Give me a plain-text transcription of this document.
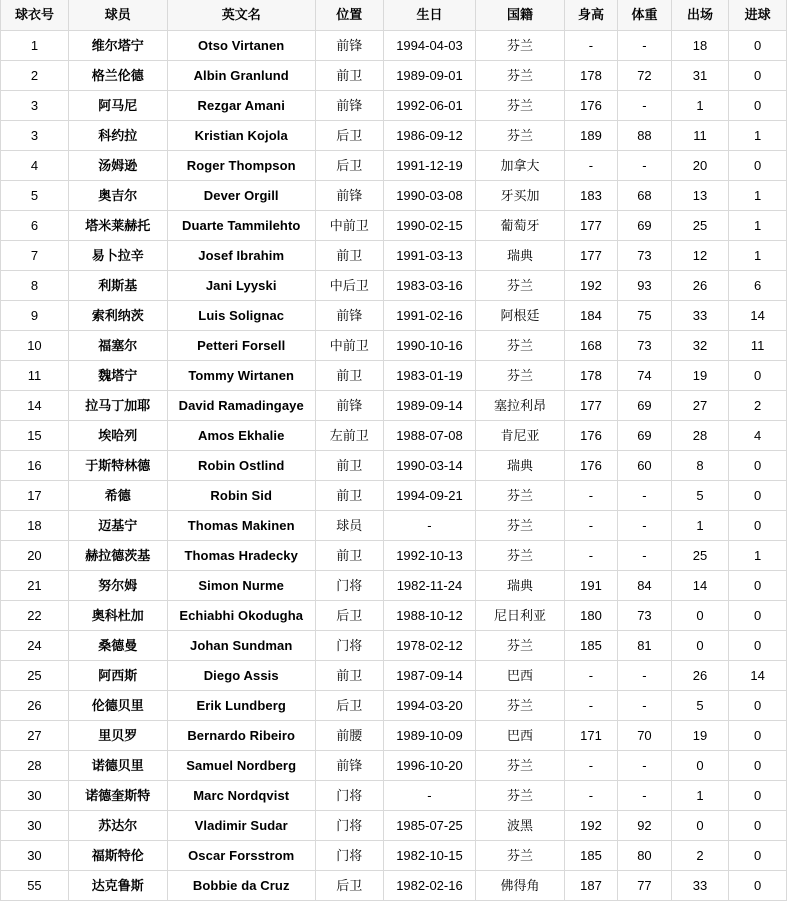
球衣号	球员	英文名	位置	生日	国籍	身高	体重	出场	进球
1	维尔塔宁	Otso Virtanen	前锋	1994-04-03	芬兰	-	-	18	0
2	格兰伦德	Albin Granlund	前卫	1989-09-01	芬兰	178	72	31	0
3	阿马尼	Rezgar Amani	前锋	1992-06-01	芬兰	176	-	1	0
3	科约拉	Kristian Kojola	后卫	1986-09-12	芬兰	189	88	11	1
4	汤姆逊	Roger Thompson	后卫	1991-12-19	加拿大	-	-	20	0
5	奥吉尔	Dever Orgill	前锋	1990-03-08	牙买加	183	68	13	1
6	塔米莱赫托	Duarte Tammilehto	中前卫	1990-02-15	葡萄牙	177	69	25	1
7	易卜拉辛	Josef Ibrahim	前卫	1991-03-13	瑞典	177	73	12	1
8	利斯基	Jani Lyyski	中后卫	1983-03-16	芬兰	192	93	26	6
9	索利纳茨	Luis Solignac	前锋	1991-02-16	阿根廷	184	75	33	14
10	福塞尔	Petteri Forsell	中前卫	1990-10-16	芬兰	168	73	32	11
11	魏塔宁	Tommy Wirtanen	前卫	1983-01-19	芬兰	178	74	19	0
14	拉马丁加耶	David Ramadingaye	前锋	1989-09-14	塞拉利昂	177	69	27	2
15	埃哈列	Amos Ekhalie	左前卫	1988-07-08	肯尼亚	176	69	28	4
16	于斯特林德	Robin Ostlind	前卫	1990-03-14	瑞典	176	60	8	0
17	希德	Robin Sid	前卫	1994-09-21	芬兰	-	-	5	0
18	迈基宁	Thomas Makinen	球员	-	芬兰	-	-	1	0
20	赫拉德茨基	Thomas Hradecky	前卫	1992-10-13	芬兰	-	-	25	1
21	努尔姆	Simon Nurme	门将	1982-11-24	瑞典	191	84	14	0
22	奥科杜加	Echiabhi Okodugha	后卫	1988-10-12	尼日利亚	180	73	0	0
24	桑德曼	Johan Sundman	门将	1978-02-12	芬兰	185	81	0	0
25	阿西斯	Diego Assis	前卫	1987-09-14	巴西	-	-	26	14
26	伦德贝里	Erik Lundberg	后卫	1994-03-20	芬兰	-	-	5	0
27	里贝罗	Bernardo Ribeiro	前腰	1989-10-09	巴西	171	70	19	0
28	诺德贝里	Samuel Nordberg	前锋	1996-10-20	芬兰	-	-	0	0
30	诺德奎斯特	Marc Nordqvist	门将	-	芬兰	-	-	1	0
30	苏达尔	Vladimir Sudar	门将	1985-07-25	波黑	192	92	0	0
30	福斯特伦	Oscar Forsstrom	门将	1982-10-15	芬兰	185	80	2	0
55	达克鲁斯	Bobbie da Cruz	后卫	1982-02-16	佛得角	187	77	33	0
